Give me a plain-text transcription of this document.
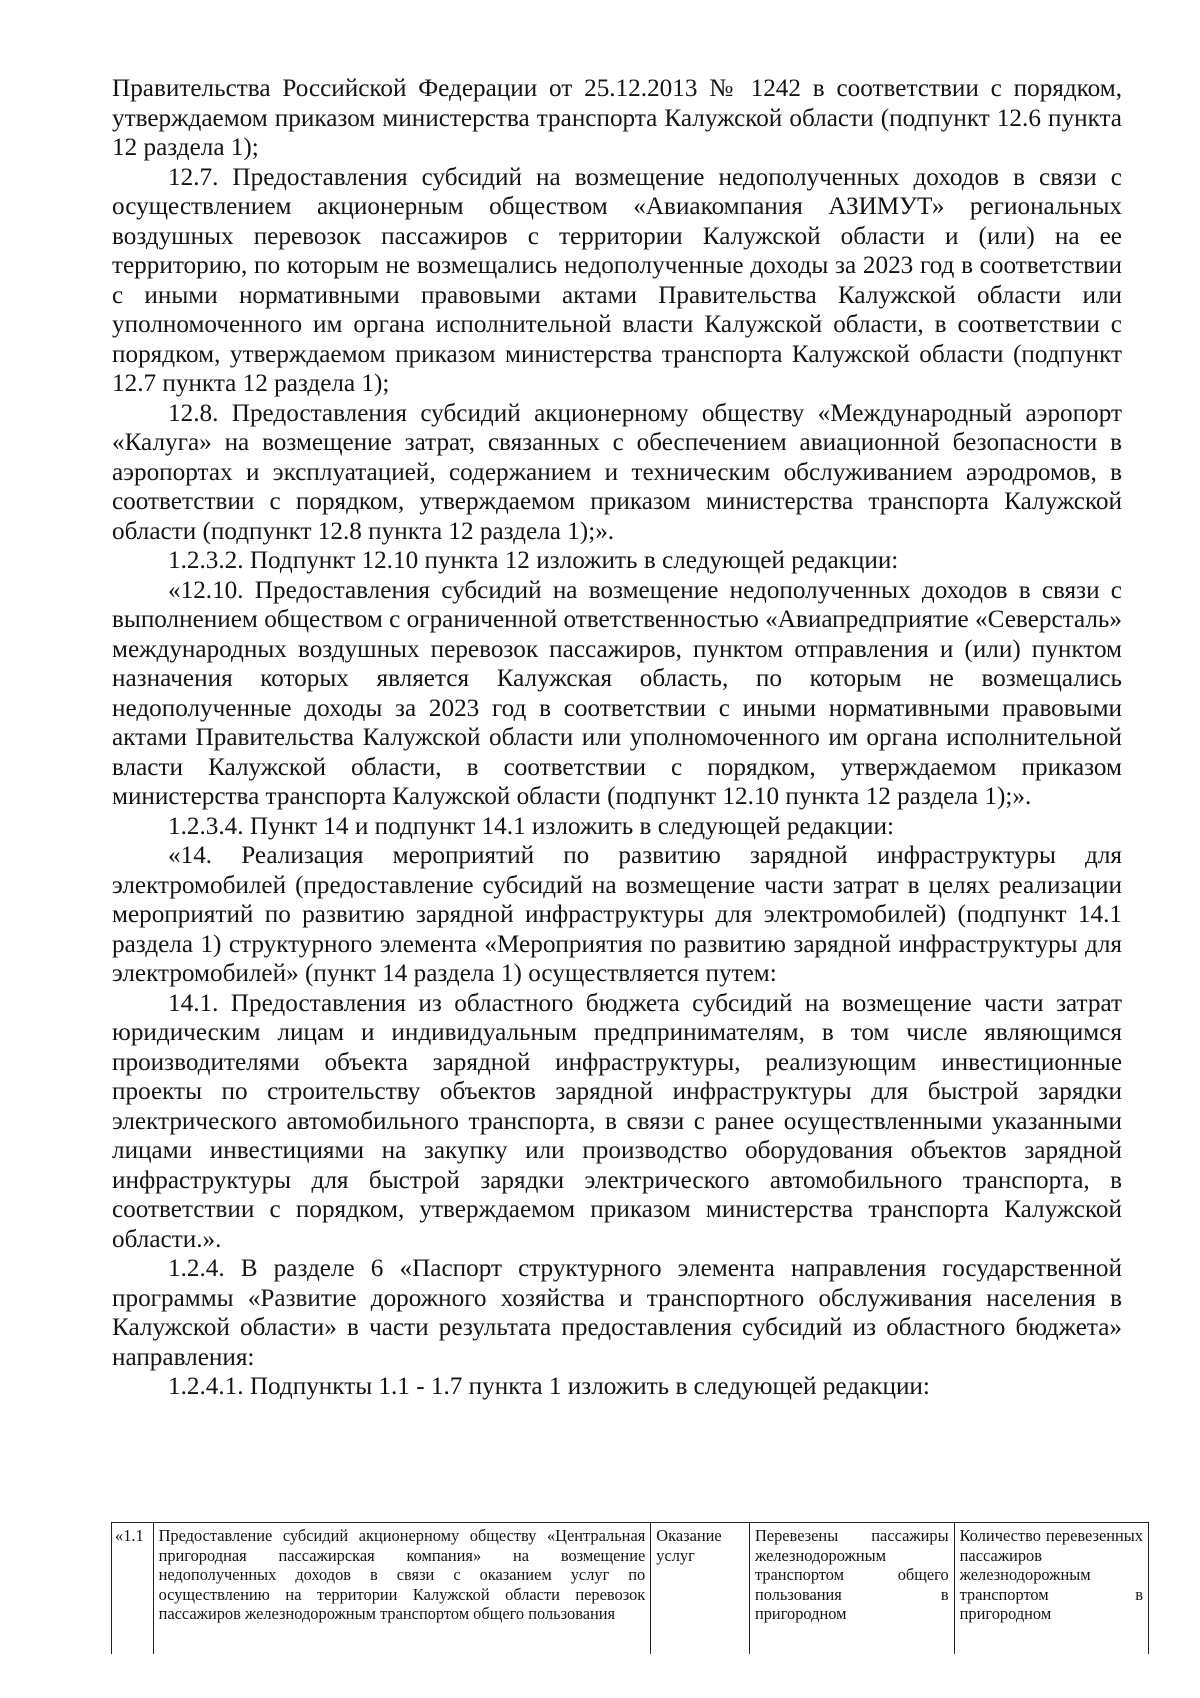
Правительства Российской Федерации от 25.12.2013 № 1242 в соответствии с порядком, утверждаемом приказом министерства транспорта Калужской области (подпункт 12.6 пункта 12 раздела 1);

12.7. Предоставления субсидий на возмещение недополученных доходов в связи с осуществлением акционерным обществом «Авиакомпания АЗИМУТ» региональных воздушных перевозок пассажиров с территории Калужской области и (или) на ее территорию, по которым не возмещались недополученные доходы за 2023 год в соответствии с иными нормативными правовыми актами Правительства Калужской области или уполномоченного им органа исполнительной власти Калужской области, в соответствии с порядком, утверждаемом приказом министерства транспорта Калужской области (подпункт 12.7 пункта 12 раздела 1);

12.8. Предоставления субсидий акционерному обществу «Международный аэропорт «Калуга» на возмещение затрат, связанных с обеспечением авиационной безопасности в аэропортах и эксплуатацией, содержанием и техническим обслуживанием аэродромов, в соответствии с порядком, утверждаемом приказом министерства транспорта Калужской области (подпункт 12.8 пункта 12 раздела 1);».

1.2.3.2. Подпункт 12.10 пункта 12 изложить в следующей редакции:

«12.10. Предоставления субсидий на возмещение недополученных доходов в связи с выполнением обществом с ограниченной ответственностью «Авиапредприятие «Северсталь» международных воздушных перевозок пассажиров, пунктом отправления и (или) пунктом назначения которых является Калужская область, по которым не возмещались недополученные доходы за 2023 год в соответствии с иными нормативными правовыми актами Правительства Калужской области или уполномоченного им органа исполнительной власти Калужской области, в соответствии с порядком, утверждаемом приказом министерства транспорта Калужской области (подпункт 12.10 пункта 12 раздела 1);».

1.2.3.4. Пункт 14 и подпункт 14.1 изложить в следующей редакции:

«14. Реализация мероприятий по развитию зарядной инфраструктуры для электромобилей (предоставление субсидий на возмещение части затрат в целях реализации мероприятий по развитию зарядной инфраструктуры для электромобилей) (подпункт 14.1 раздела 1) структурного элемента «Мероприятия по развитию зарядной инфраструктуры для электромобилей» (пункт 14 раздела 1) осуществляется путем:

14.1. Предоставления из областного бюджета субсидий на возмещение части затрат юридическим лицам и индивидуальным предпринимателям, в том числе являющимся производителями объекта зарядной инфраструктуры, реализующим инвестиционные проекты по строительству объектов зарядной инфраструктуры для быстрой зарядки электрического автомобильного транспорта, в связи с ранее осуществленными указанными лицами инвестициями на закупку или производство оборудования объектов зарядной инфраструктуры для быстрой зарядки электрического автомобильного транспорта, в соответствии с порядком, утверждаемом приказом министерства транспорта Калужской области.».

1.2.4. В разделе 6 «Паспорт структурного элемента направления государственной программы «Развитие дорожного хозяйства и транспортного обслуживания населения в Калужской области» в части результата предоставления субсидий из областного бюджета» направления:

1.2.4.1. Подпункты 1.1 - 1.7 пункта 1 изложить в следующей редакции:

«1.1	Предоставление субсидий акционерному обществу «Центральная пригородная пассажирская компания» на возмещение недополученных доходов в связи с оказанием услуг по осуществлению на территории Калужской области перевозок пассажиров железнодорожным транспортом общего пользования	Оказание услуг	Перевезены пассажиры железнодорожным транспортом общего пользования в пригородном	Количество перевезенных пассажиров железнодорожным транспортом в пригородном
